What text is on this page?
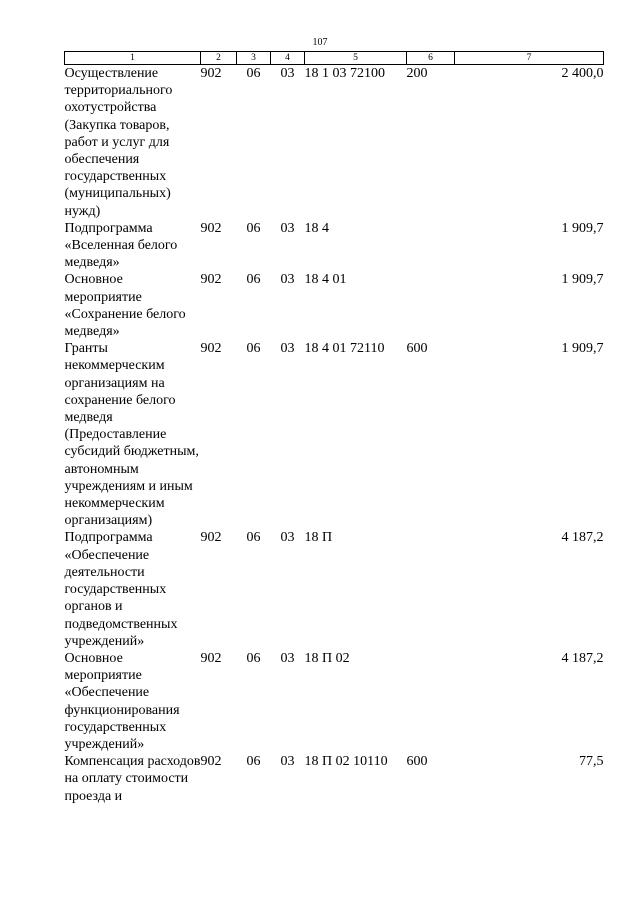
107
1	2	3	4	5	6	7
Осуществление территориального охотустройства (Закупка товаров, работ и услуг для обеспечения государственных (муниципальных) нужд)	902	06	03	18 1 03 72100	200	2 400,0
Подпрограмма «Вселенная белого медведя»	902	06	03	18 4		1 909,7
Основное мероприятие «Сохранение белого медведя»	902	06	03	18 4 01		1 909,7
Гранты некоммерческим организациям на сохранение белого медведя (Предоставление субсидий бюджетным, автономным учреждениям и иным некоммерческим организациям)	902	06	03	18 4 01 72110	600	1 909,7
Подпрограмма «Обеспечение деятельности государственных органов и подведомственных учреждений»	902	06	03	18 П		4 187,2
Основное мероприятие «Обеспечение функционирования государственных учреждений»	902	06	03	18 П 02		4 187,2
Компенсация расходов на оплату стоимости проезда и	902	06	03	18 П 02 10110	600	77,5
